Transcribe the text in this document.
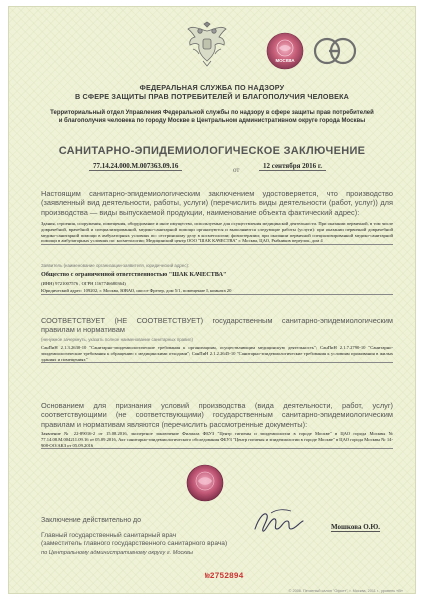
МОСКВА
ФЕДЕРАЛЬНАЯ СЛУЖБА ПО НАДЗОРУ
В СФЕРЕ ЗАЩИТЫ ПРАВ ПОТРЕБИТЕЛЕЙ И БЛАГОПОЛУЧИЯ ЧЕЛОВЕКА
Территориальный отдел Управления Федеральной службы по надзору в сфере защиты прав потребителей
и благополучия человека по городу Москве в Центральном административном округе города Москвы
САНИТАРНО-ЭПИДЕМИОЛОГИЧЕСКОЕ ЗАКЛЮЧЕНИЕ
77.14.24.000.М.007363.09.16	от	12 сентября 2016 г.
Настоящим санитарно-эпидемиологическим заключением удостоверяется, что производство (заявленный вид деятельности, работы, услуги) (перечислить виды деятельности (работ, услуг)) для производства — виды выпускаемой продукции, наименование объекта фактический адрес):
Здания, строения, сооружения, помещения, оборудование и иное имущество, используемые для осуществления медицинской деятельности. При оказании первичной, в том числе доврачебной, врачебной и специализированной, медико-санитарной помощи организуются и выполняются следующие работы (услуги): при оказании первичной доврачебной медико-санитарной помощи в амбулаторных условиях по: сестринскому делу в косметологии; физиотерапии; при оказании первичной специализированной медико-санитарной помощи в амбулаторных условиях по: косметологии; Медицинский центр ООО "ШАК КАЧЕСТВА" г. Москва, ЦАО, Рыбников переулок, дом 4
Заявитель (наименование организации-заявителя, юридический адрес):
Общество с ограниченной ответственностью "ШАК КАЧЕСТВА"
(ИНН) 9721007576 , ОГРН 1167746680364)
Юридический адрес: 109202, г. Москва, ЮВАО, шоссе Фрезер, дом 5/1, помещение I, комната 20
СООТВЕТСТВУЕТ (НЕ СООТВЕТСТВУЕТ) государственным санитарно-эпидемиологическим правилам и нормативам
(ненужное зачеркнуть, указать полное наименование санитарных правил)
СанПиН 2.1.3.2630-10 "Санитарно-эпидемиологические требования к организациям, осуществляющим медицинскую деятельность"; СанПиН 2.1.7.2790-10 "Санитарно-эпидемиологические требования к обращению с медицинскими отходами"; СанПиН 2.1.2.2645-10 "Санитарно-эпидемиологические требования к условиям проживания в жилых зданиях и помещениях"
Основанием для признания условий производства (вида деятельности, работ, услуг) соответствующими (не соответствующими) государственным санитарно-эпидемиологическим правилам и нормативам являются (перечислить рассмотренные документы):
Заявление № 22-89016-2 от 15.08.2016, экспертное заключение Филиала ФБУЗ "Центр гигиены и эпидемиологии в городе Москве" в ЦАО города Москвы № 77.14.08.М.004211.09.16 от 05.09.2016, Акт санитарно-эпидемиологического обследования ФБУЗ "Центр гигиены и эпидемиологии в городе Москве" в ЦАО города Москвы № 14-908-ОО/АКЗ от 05.09.2016
Заключение действительно до
Главный государственный санитарный врач
(заместитель главного государственного санитарного врача)
по Центральному административному округу г. Москвы
Мошкова О.Ю.
№2752894
© 2008. Печатный салон "Офсет", г. Москва, 2011 г., уровень «В»
